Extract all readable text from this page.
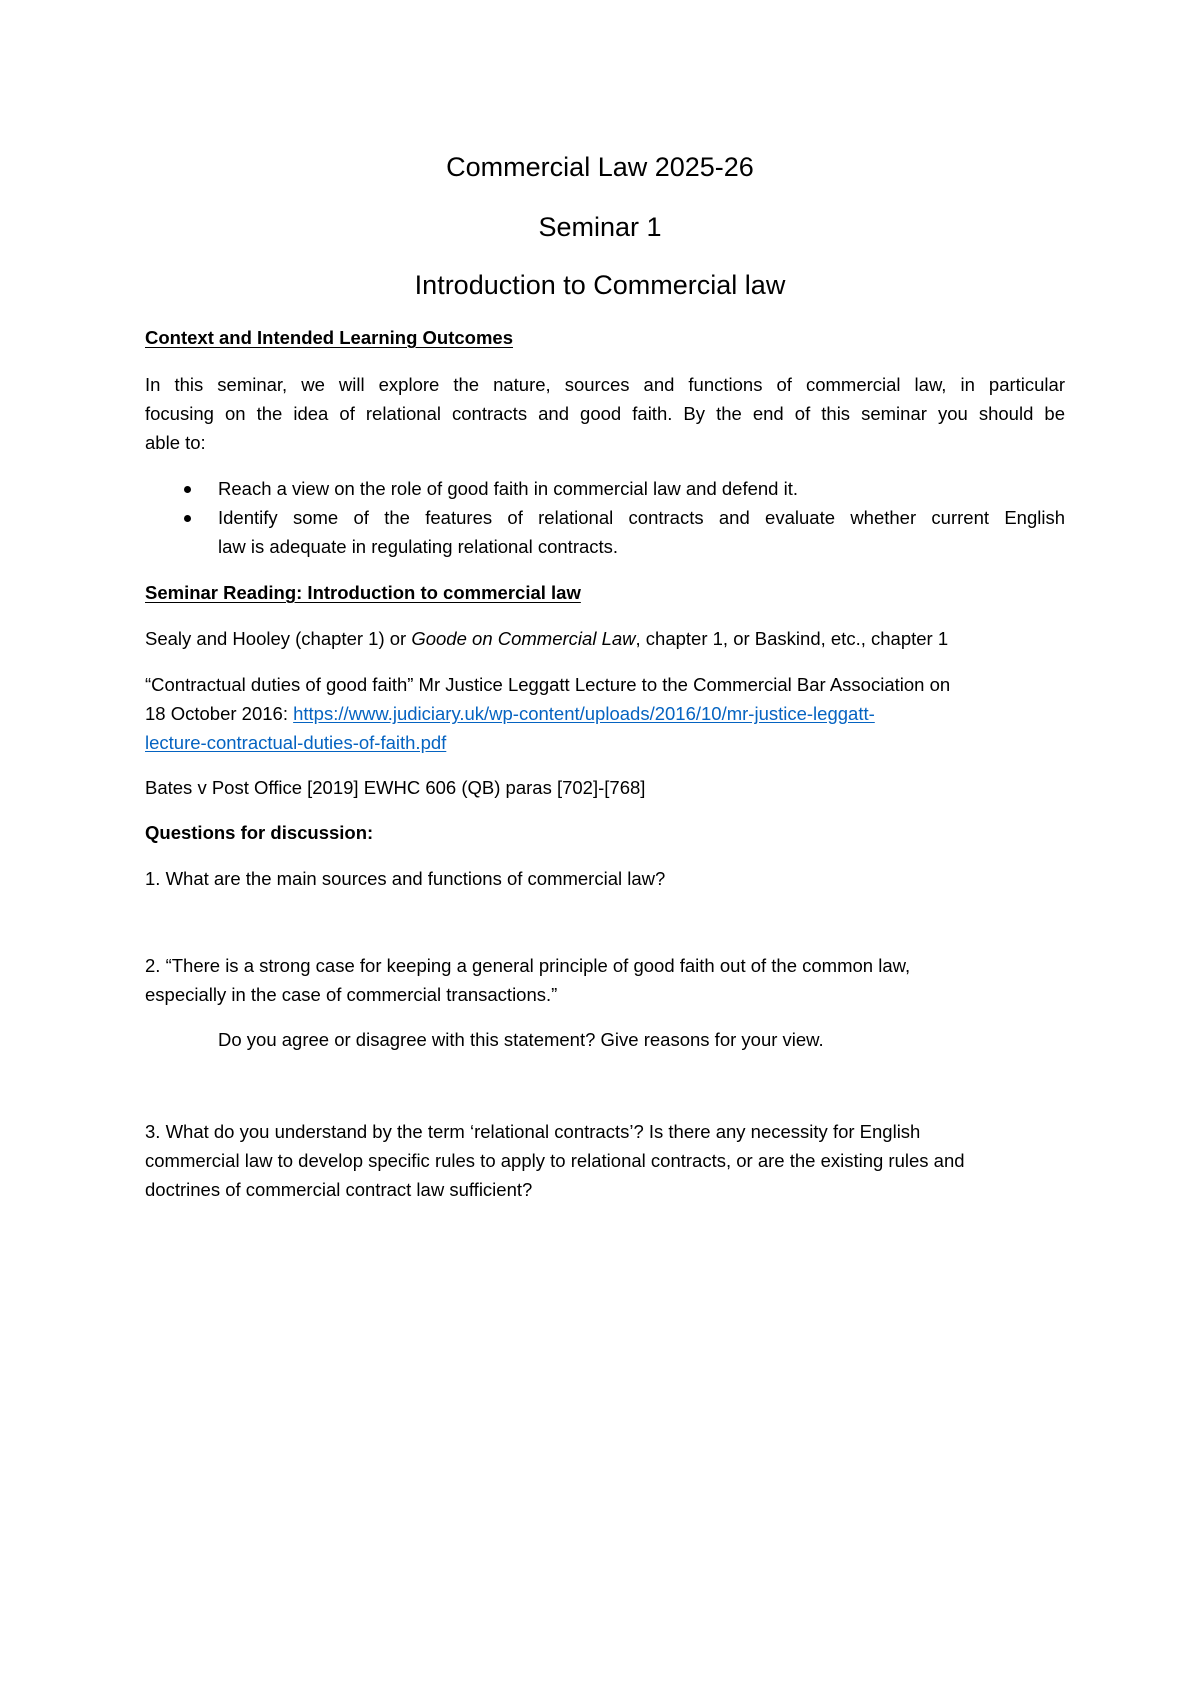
Commercial Law 2025-26
Seminar 1
Introduction to Commercial law
Context and Intended Learning Outcomes
In this seminar, we will explore the nature, sources and functions of commercial law, in particular
focusing on the idea of relational contracts and good faith. By the end of this seminar you should be
able to:
Reach a view on the role of good faith in commercial law and defend it.
Identify some of the features of relational contracts and evaluate whether current English
law is adequate in regulating relational contracts.
Seminar Reading: Introduction to commercial law
Sealy and Hooley (chapter 1) or Goode on Commercial Law, chapter 1, or Baskind, etc., chapter 1
“Contractual duties of good faith” Mr Justice Leggatt Lecture to the Commercial Bar Association on
18 October 2016: https://www.judiciary.uk/wp-content/uploads/2016/10/mr-justice-leggatt-
lecture-contractual-duties-of-faith.pdf
Bates v Post Office [2019] EWHC 606 (QB) paras [702]-[768]
Questions for discussion:
1. What are the main sources and functions of commercial law?
2. “There is a strong case for keeping a general principle of good faith out of the common law,
especially in the case of commercial transactions.”
Do you agree or disagree with this statement? Give reasons for your view.
3. What do you understand by the term ‘relational contracts’? Is there any necessity for English
commercial law to develop specific rules to apply to relational contracts, or are the existing rules and
doctrines of commercial contract law sufficient?
